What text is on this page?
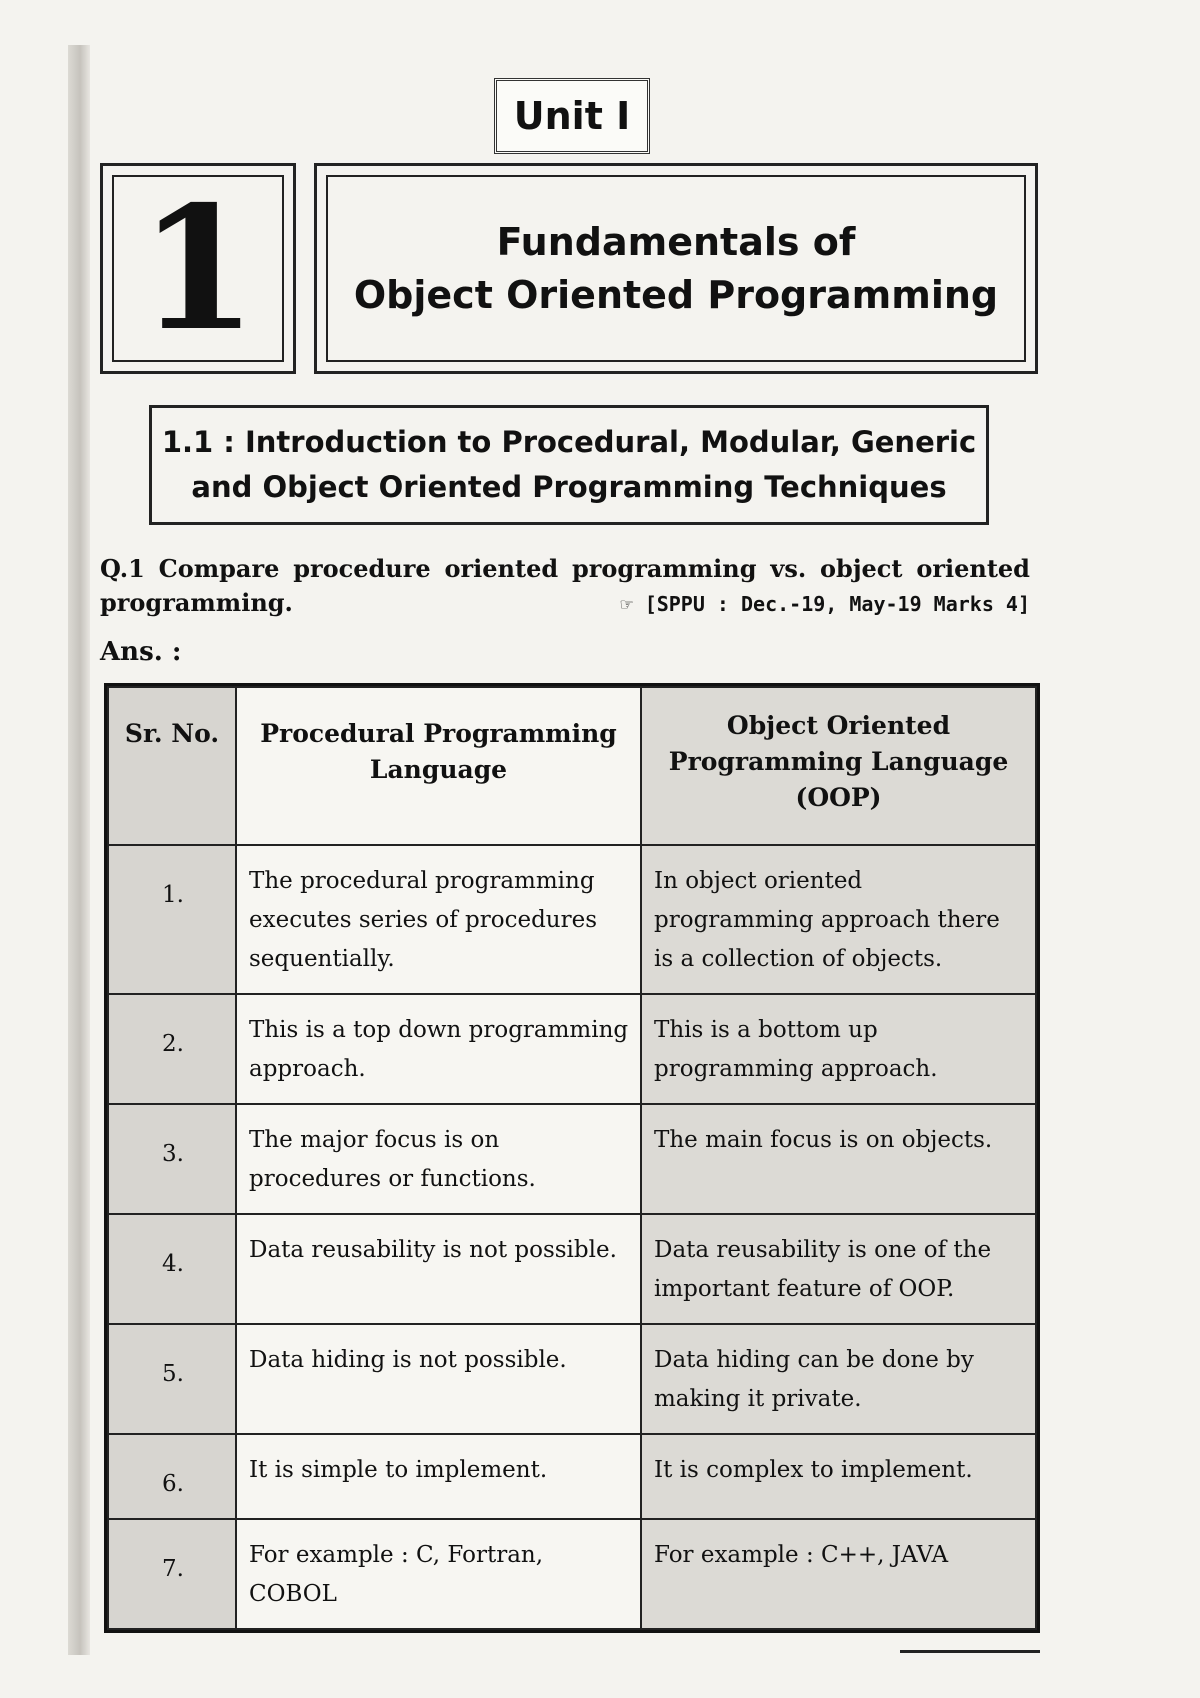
Unit I
1	Fundamentals of
Object Oriented Programming
1.1 : Introduction to Procedural, Modular, Generic
and Object Oriented Programming Techniques
Q.1 Compare procedure oriented programming vs. object oriented
programming.	☞ [SPPU : Dec.-19, May-19 Marks 4]
Ans. :
Sr. No.	Procedural Programming Language	Object Oriented Programming Language (OOP)
1.	The procedural programming executes series of procedures sequentially.	In object oriented programming approach there is a collection of objects.
2.	This is a top down programming approach.	This is a bottom up programming approach.
3.	The major focus is on procedures or functions.	The main focus is on objects.
4.	Data reusability is not possible.	Data reusability is one of the important feature of OOP.
5.	Data hiding is not possible.	Data hiding can be done by making it private.
6.	It is simple to implement.	It is complex to implement.
7.	For example : C, Fortran, COBOL	For example : C++, JAVA
